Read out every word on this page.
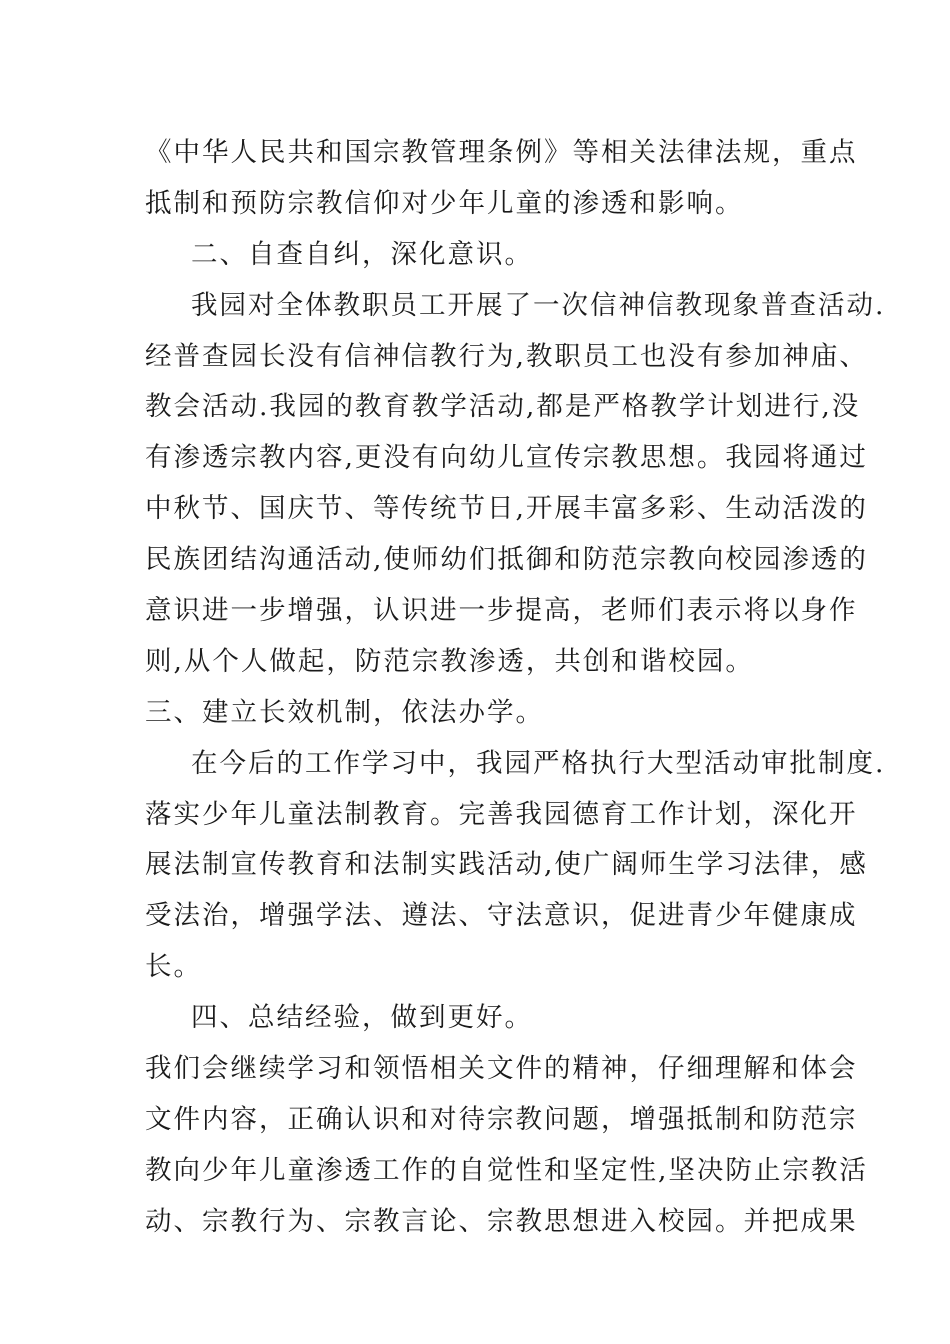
《中华人民共和国宗教管理条例》等相关法律法规，重点
抵制和预防宗教信仰对少年儿童的渗透和影响。
二、自查自纠，深化意识。
我园对全体教职员工开展了一次信神信教现象普查活动.
经普查园长没有信神信教行为,教职员工也没有参加神庙、
教会活动.我园的教育教学活动,都是严格教学计划进行,没
有渗透宗教内容,更没有向幼儿宣传宗教思想。我园将通过
中秋节、国庆节、等传统节日,开展丰富多彩、生动活泼的
民族团结沟通活动,使师幼们抵御和防范宗教向校园渗透的
意识进一步增强，认识进一步提高，老师们表示将以身作
则,从个人做起，防范宗教渗透，共创和谐校园。
三、建立长效机制，依法办学。
在今后的工作学习中，我园严格执行大型活动审批制度.
落实少年儿童法制教育。完善我园德育工作计划，深化开
展法制宣传教育和法制实践活动,使广阔师生学习法律，感
受法治，增强学法、遵法、守法意识，促进青少年健康成
长。
四、总结经验，做到更好。
我们会继续学习和领悟相关文件的精神，仔细理解和体会
文件内容，正确认识和对待宗教问题，增强抵制和防范宗
教向少年儿童渗透工作的自觉性和坚定性,坚决防止宗教活
动、宗教行为、宗教言论、宗教思想进入校园。并把成果
